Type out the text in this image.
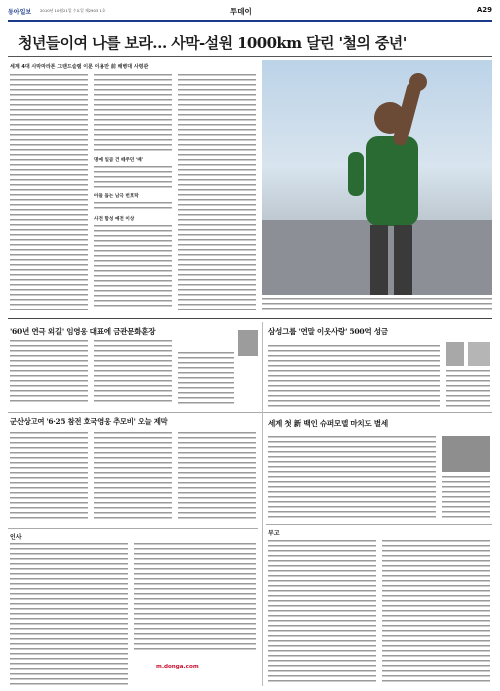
동아일보 2010년 10월21일 수요일 제2903 1호	투데이	A29
청년들이여 나를 보라… 사막-설원 1000km 달린 '철의 중년'
세계 4대 사막마라톤 그랜드슬램 이룬 이용만 前 해병대 사령관
명예 일곱 건 떼주던 '배'
아들 돕는 남극 번호탁
사전 함성 예전 이상
'60년 연극 외길' 임영웅 대표에 금관문화훈장	삼성그룹 '연말 이웃사랑' 500억 성금
군산상고여 '6·25 참전 호국영웅 추모비' 오늘 제막
인사
m.donga.com
세계 첫 新 백인 슈퍼모델 마치도 별세
부고
